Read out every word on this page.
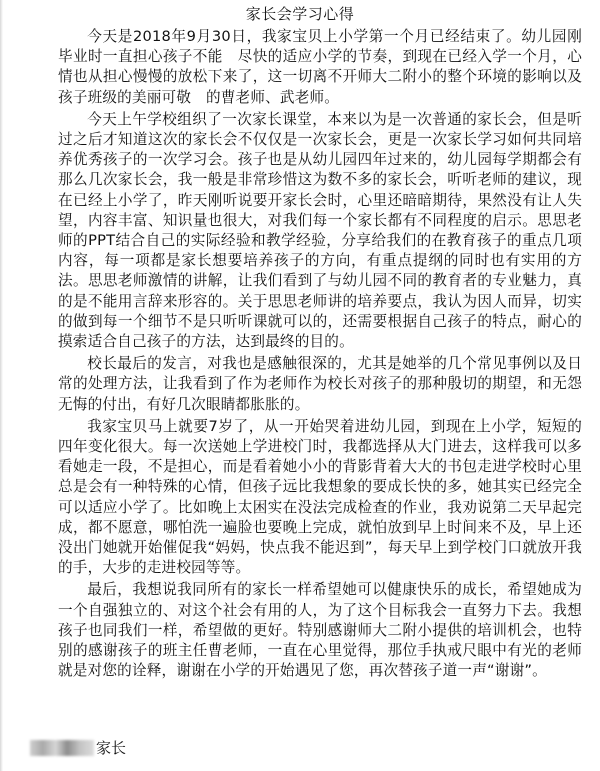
家长会学习心得

今天是2018年9月30日，我家宝贝上小学第一个月已经结束了。幼儿园刚毕业时一直担心孩子不能　尽快的适应小学的节奏，到现在已经入学一个月，心情也从担心慢慢的放松下来了，这一切离不开师大二附小的整个环境的影响以及孩子班级的美丽可敬　的曹老师、武老师。

今天上午学校组织了一次家长课堂，本来以为是一次普通的家长会，但是听过之后才知道这次的家长会不仅仅是一次家长会，更是一次家长学习如何共同培养优秀孩子的一次学习会。孩子也是从幼儿园四年过来的，幼儿园每学期都会有那么几次家长会，我一般是非常珍惜这为数不多的家长会，听听老师的建议，现在已经上小学了，昨天刚听说要开家长会时，心里还暗暗期待，果然没有让人失望，内容丰富、知识量也很大，对我们每一个家长都有不同程度的启示。思思老师的PPT结合自己的实际经验和教学经验，分享给我们的在教育孩子的重点几项内容，每一项都是家长想要培养孩子的方向，有重点提纲的同时也有实用的方法。思思老师激情的讲解，让我们看到了与幼儿园不同的教育者的专业魅力，真的是不能用言辞来形容的。关于思思老师讲的培养要点，我认为因人而异，切实的做到每一个细节不是只听听课就可以的，还需要根据自己孩子的特点，耐心的摸索适合自己孩子的方法，达到最终的目的。

校长最后的发言，对我也是感触很深的，尤其是她举的几个常见事例以及日常的处理方法，让我看到了作为老师作为校长对孩子的那种殷切的期望，和无怨无悔的付出，有好几次眼睛都胀胀的。

我家宝贝马上就要7岁了，从一开始哭着进幼儿园，到现在上小学，短短的四年变化很大。每一次送她上学进校门时，我都选择从大门进去，这样我可以多看她走一段，不是担心，而是看着她小小的背影背着大大的书包走进学校时心里总是会有一种特殊的心情，但孩子远比我想象的要成长快的多，她其实已经完全可以适应小学了。比如晚上太困实在没法完成检查的作业，我劝说第二天早起完成，都不愿意，哪怕洗一遍脸也要晚上完成，就怕放到早上时间来不及，早上还没出门她就开始催促我“妈妈，快点我不能迟到”，每天早上到学校门口就放开我的手，大步的走进校园等等。

最后，我想说我同所有的家长一样希望她可以健康快乐的成长，希望她成为一个自强独立的、对这个社会有用的人，为了这个目标我会一直努力下去。我想孩子也同我们一样，希望做的更好。特别感谢师大二附小提供的培训机会，也特别的感谢孩子的班主任曹老师，一直在心里觉得，那位手执戒尺眼中有光的老师就是对您的诠释，谢谢在小学的开始遇见了您，再次替孩子道一声“谢谢”。

家长
